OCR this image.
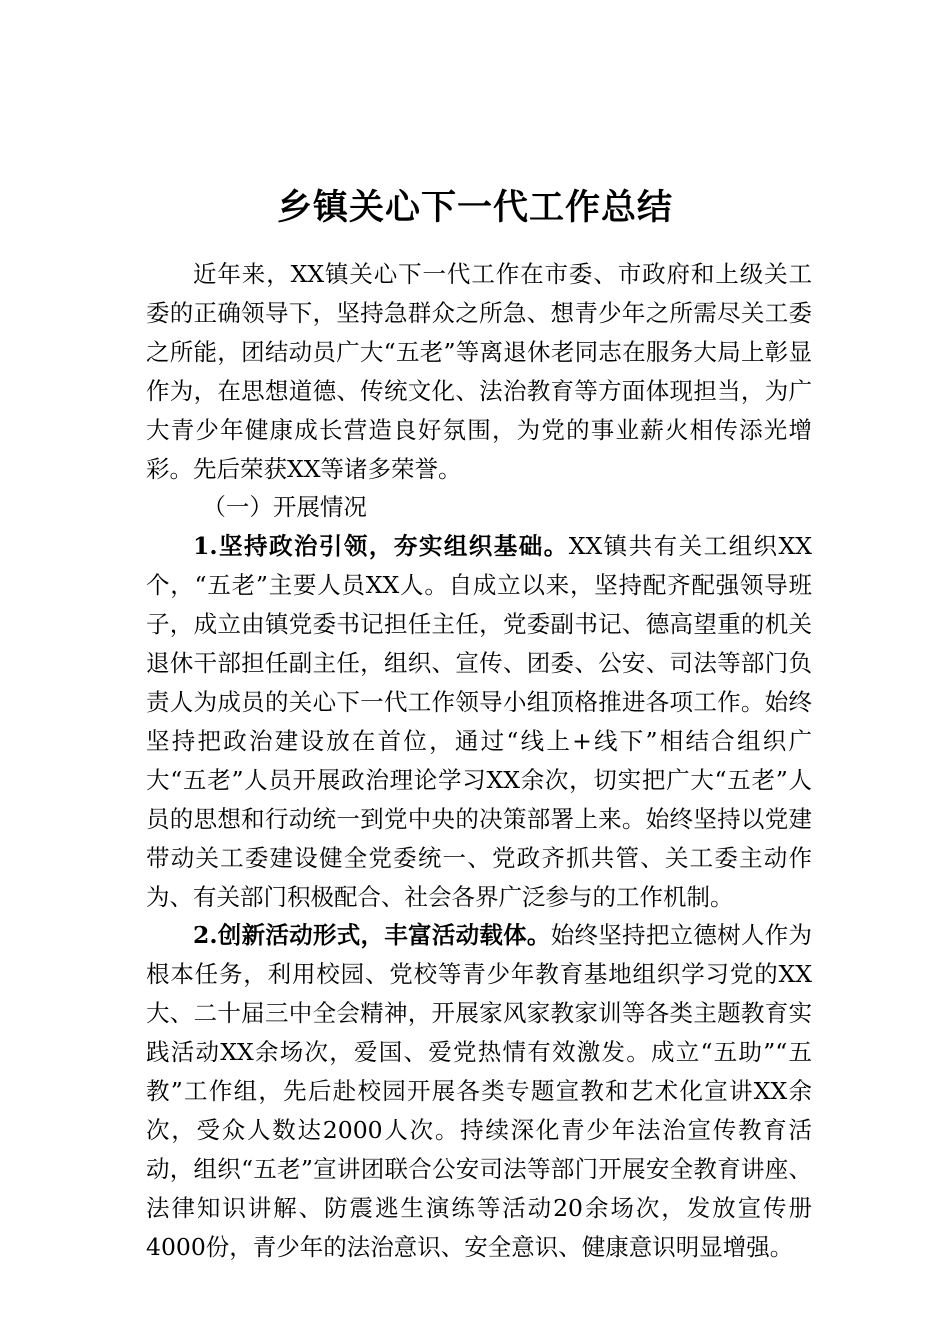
乡镇关心下一代工作总结

近年来，XX镇关心下一代工作在市委、市政府和上级关工委的正确领导下，坚持急群众之所急、想青少年之所需尽关工委之所能，团结动员广大“五老”等离退休老同志在服务大局上彰显作为，在思想道德、传统文化、法治教育等方面体现担当，为广大青少年健康成长营造良好氛围，为党的事业薪火相传添光增彩。先后荣获XX等诸多荣誉。

（一）开展情况

1.坚持政治引领，夯实组织基础。XX镇共有关工组织XX个，“五老”主要人员XX人。自成立以来，坚持配齐配强领导班子，成立由镇党委书记担任主任，党委副书记、德高望重的机关退休干部担任副主任，组织、宣传、团委、公安、司法等部门负责人为成员的关心下一代工作领导小组顶格推进各项工作。始终坚持把政治建设放在首位，通过“线上+线下”相结合组织广大“五老”人员开展政治理论学习XX余次，切实把广大“五老”人员的思想和行动统一到党中央的决策部署上来。始终坚持以党建带动关工委建设健全党委统一、党政齐抓共管、关工委主动作为、有关部门积极配合、社会各界广泛参与的工作机制。

2.创新活动形式，丰富活动载体。始终坚持把立德树人作为根本任务，利用校园、党校等青少年教育基地组织学习党的XX大、二十届三中全会精神，开展家风家教家训等各类主题教育实践活动XX余场次，爱国、爱党热情有效激发。成立“五助”“五教”工作组，先后赴校园开展各类专题宣教和艺术化宣讲XX余次，受众人数达2000人次。持续深化青少年法治宣传教育活动，组织“五老”宣讲团联合公安司法等部门开展安全教育讲座、法律知识讲解、防震逃生演练等活动20余场次，发放宣传册4000份，青少年的法治意识、安全意识、健康意识明显增强。
